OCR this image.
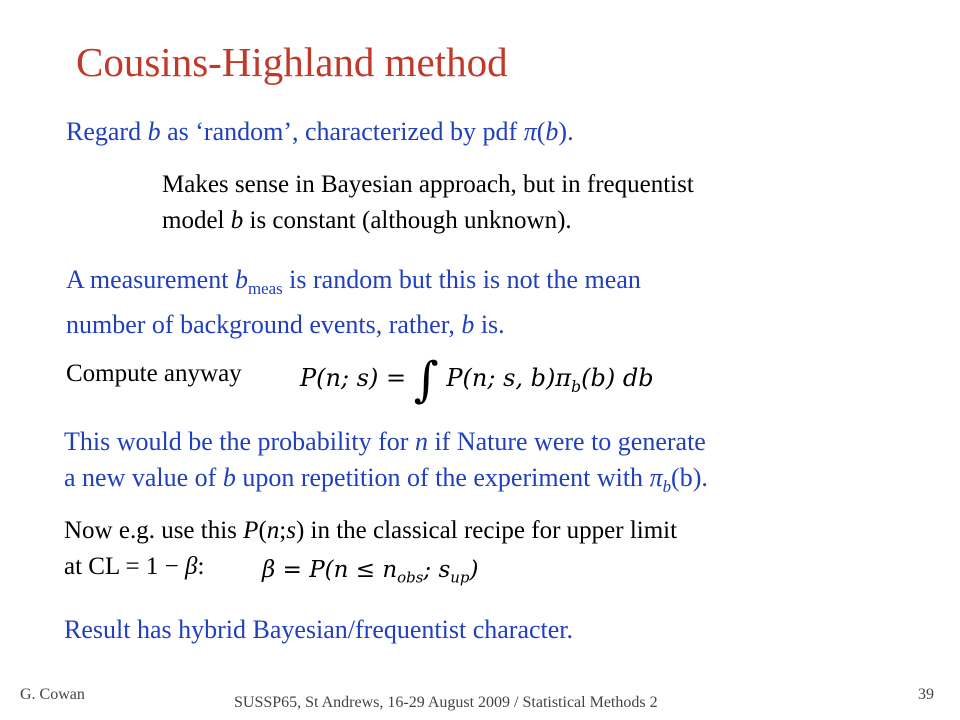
Cousins-Highland method
Regard b as ‘random’, characterized by pdf π(b).
Makes sense in Bayesian approach, but in frequentist
model b is constant (although unknown).
A measurement $b_{meas}$ is random but this is not the mean
number of background events, rather, b is.
Compute anyway P(n; s) = ∫ P(n; s, $b)\pi_b(b)$ db
This would be the probability for n if Nature were to generate
a new value of b upon repetition of the experiment with $\pi_b(b)$.
Now e.g. use this P(n;s) in the classical recipe for upper limit
at CL = 1 − β:	$\beta = P(n \le n_{obs}$; $s_{up}$)
Result has hybrid Bayesian/frequentist character.
G. Cowan	SUSSP65, St Andrews, 16-29 August 2009 / Statistical Methods 2	39
